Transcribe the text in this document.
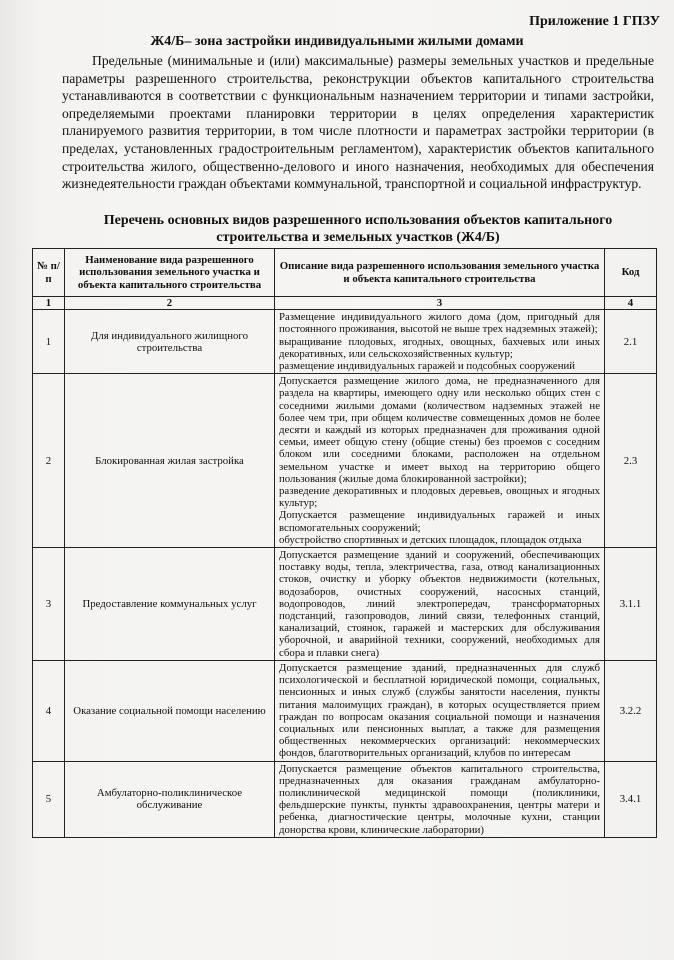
Приложение 1 ГПЗУ
Ж4/Б– зона застройки индивидуальными жилыми домами
Предельные (минимальные и (или) максимальные) размеры земельных участков и предельные параметры разрешенного строительства, реконструкции объектов капитального строительства устанавливаются в соответствии с функциональным назначением территории и типами застройки, определяемыми проектами планировки территории в целях определения характеристик планируемого развития территории, в том числе плотности и параметрах застройки территории (в пределах, установленных градостроительным регламентом), характеристик объектов капитального строительства жилого, общественно-делового и иного назначения, необходимых для обеспечения жизнедеятельности граждан объектами коммунальной, транспортной и социальной инфраструктур.
Перечень основных видов разрешенного использования объектов капитального строительства и земельных участков (Ж4/Б)
№ п/п	Наименование вида разрешенного использования земельного участка и объекта капитального строительства	Описание вида разрешенного использования земельного участка и объекта капитального строительства	Код
1	2	3	4
1	Для индивидуального жилищного строительства	Размещение индивидуального жилого дома (дом, пригодный для постоянного проживания, высотой не выше трех надземных этажей);
выращивание плодовых, ягодных, овощных, бахчевых или иных декоративных, или сельскохозяйственных культур;
размещение индивидуальных гаражей и подсобных сооружений	2.1
2	Блокированная жилая застройка	Допускается размещение жилого дома, не предназначенного для раздела на квартиры, имеющего одну или несколько общих стен с соседними жилыми домами (количеством надземных этажей не более чем три, при общем количестве совмещенных домов не более десяти и каждый из которых предназначен для проживания одной семьи, имеет общую стену (общие стены) без проемов с соседним блоком или соседними блоками, расположен на отдельном земельном участке и имеет выход на территорию общего пользования (жилые дома блокированной застройки);
разведение декоративных и плодовых деревьев, овощных и ягодных культур;
Допускается размещение индивидуальных гаражей и иных вспомогательных сооружений;
обустройство спортивных и детских площадок, площадок отдыха	2.3
3	Предоставление коммунальных услуг	Допускается размещение зданий и сооружений, обеспечивающих поставку воды, тепла, электричества, газа, отвод канализационных стоков, очистку и уборку объектов недвижимости (котельных, водозаборов, очистных сооружений, насосных станций, водопроводов, линий электропередач, трансформаторных подстанций, газопроводов, линий связи, телефонных станций, канализаций, стоянок, гаражей и мастерских для обслуживания уборочной, и аварийной техники, сооружений, необходимых для сбора и плавки снега)	3.1.1
4	Оказание социальной помощи населению	Допускается размещение зданий, предназначенных для служб психологической и бесплатной юридической помощи, социальных, пенсионных и иных служб (службы занятости населения, пункты питания малоимущих граждан), в которых осуществляется прием граждан по вопросам оказания социальной помощи и назначения социальных или пенсионных выплат, а также для размещения общественных некоммерческих организаций: некоммерческих фондов, благотворительных организаций, клубов по интересам	3.2.2
5	Амбулаторно-поликлиническое обслуживание	Допускается размещение объектов капитального строительства, предназначенных для оказания гражданам амбулаторно-поликлинической медицинской помощи (поликлиники, фельдшерские пункты, пункты здравоохранения, центры матери и ребенка, диагностические центры, молочные кухни, станции донорства крови, клинические лаборатории)	3.4.1
